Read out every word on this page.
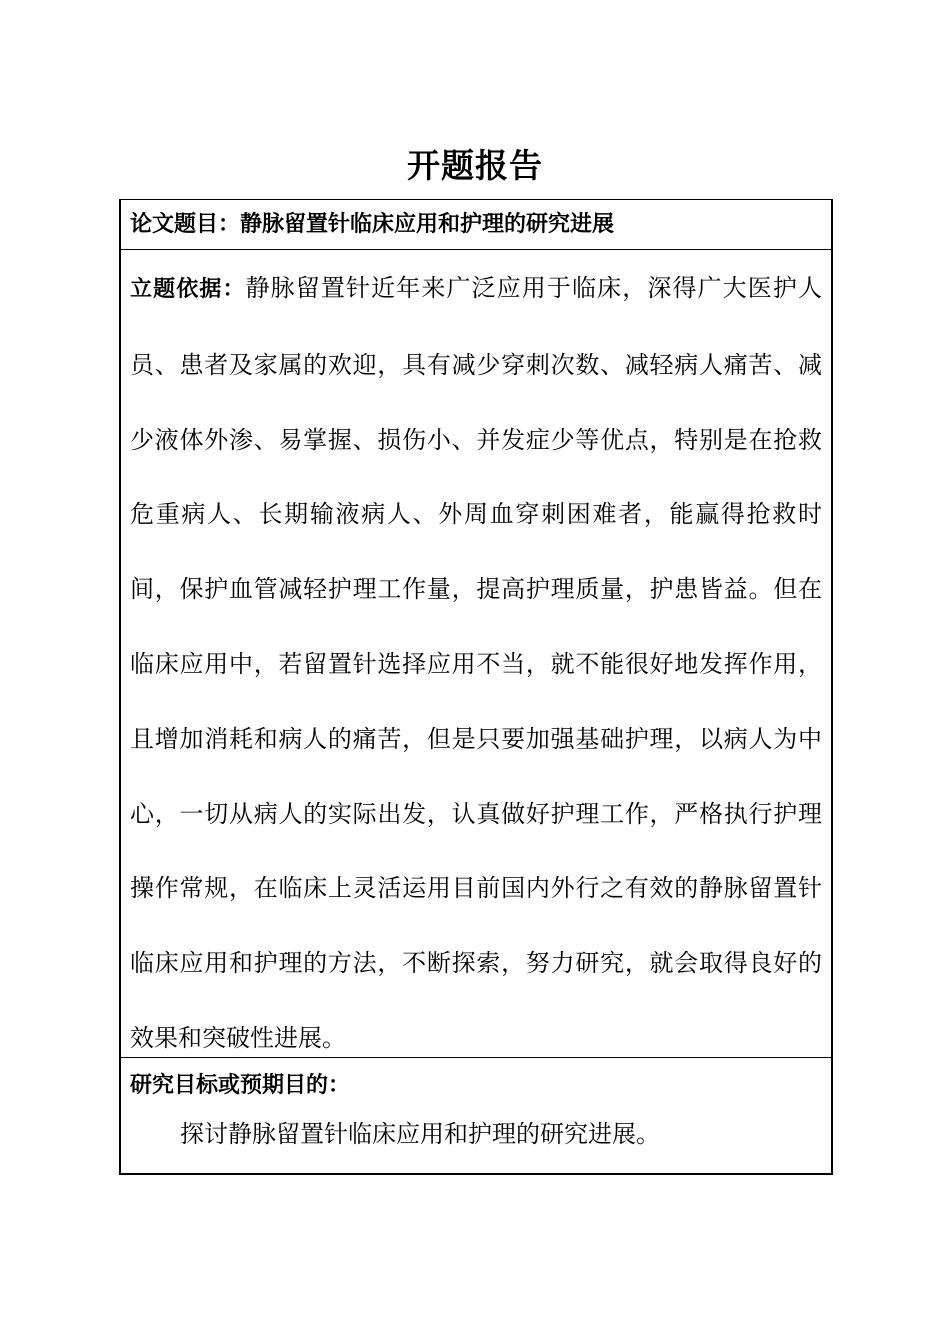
开题报告
论文题目：静脉留置针临床应用和护理的研究进展
立题依据：静脉留置针近年来广泛应用于临床，深得广大医护人员、患者及家属的欢迎，具有减少穿刺次数、减轻病人痛苦、减少液体外渗、易掌握、损伤小、并发症少等优点，特别是在抢救危重病人、长期输液病人、外周血穿刺困难者，能赢得抢救时间，保护血管减轻护理工作量，提高护理质量，护患皆益。但在临床应用中，若留置针选择应用不当，就不能很好地发挥作用，且增加消耗和病人的痛苦，但是只要加强基础护理，以病人为中心，一切从病人的实际出发，认真做好护理工作，严格执行护理操作常规，在临床上灵活运用目前国内外行之有效的静脉留置针临床应用和护理的方法，不断探索，努力研究，就会取得良好的效果和突破性进展。
研究目标或预期目的：
探讨静脉留置针临床应用和护理的研究进展。
